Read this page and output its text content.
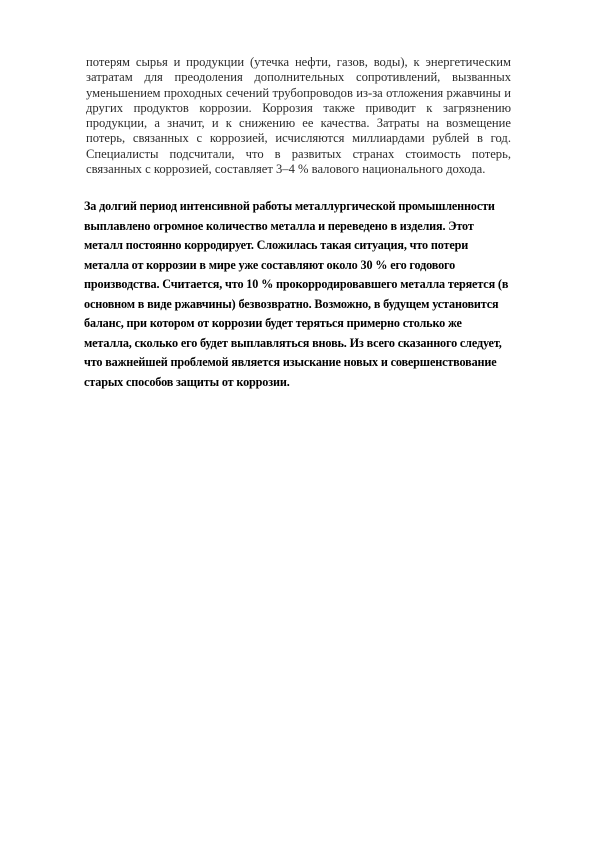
потерям сырья и продукции (утечка нефти, газов, воды), к энергетическим
затратам для преодоления дополнительных сопротивлений, вызванных
уменьшением проходных сечений трубопроводов из-за отложения ржавчины и
других продуктов коррозии. Коррозия также приводит к загрязнению
продукции, а значит, и к снижению ее качества. Затраты на возмещение
потерь, связанных с коррозией, исчисляются миллиардами рублей в год.
Специалисты подсчитали, что в развитых странах стоимость потерь,
связанных с коррозией, составляет 3–4 % валового национального дохода.

За долгий период интенсивной работы металлургической промышленности
выплавлено огромное количество металла и переведено в изделия. Этот
металл постоянно корродирует. Сложилась такая ситуация, что потери
металла от коррозии в мире уже составляют около 30 % его годового
производства. Считается, что 10 % прокорродировавшего металла теряется (в
основном в виде ржавчины) безвозвратно. Возможно, в будущем установится
баланс, при котором от коррозии будет теряться примерно столько же
металла, сколько его будет выплавляться вновь. Из всего сказанного следует,
что важнейшей проблемой является изыскание новых и совершенствование
старых способов защиты от коррозии.
